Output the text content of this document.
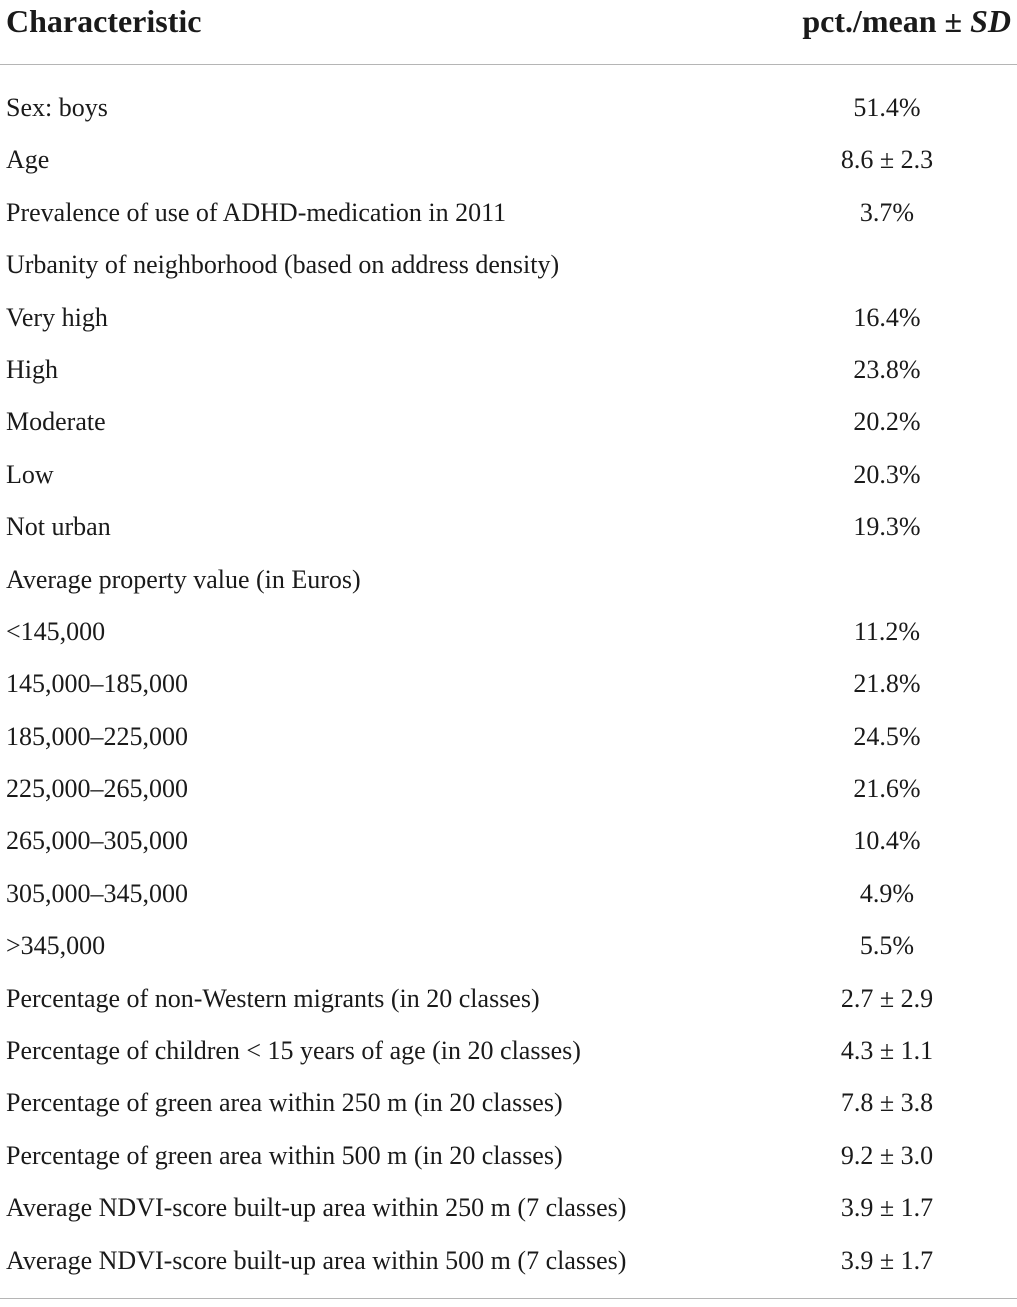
Characteristic	pct./mean ± SD
Sex: boys	51.4%
Age	8.6 ± 2.3
Prevalence of use of ADHD-medication in 2011	3.7%
Urbanity of neighborhood (based on address density)
Very high	16.4%
High	23.8%
Moderate	20.2%
Low	20.3%
Not urban	19.3%
Average property value (in Euros)
<145,000	11.2%
145,000–185,000	21.8%
185,000–225,000	24.5%
225,000–265,000	21.6%
265,000–305,000	10.4%
305,000–345,000	4.9%
>345,000	5.5%
Percentage of non-Western migrants (in 20 classes)	2.7 ± 2.9
Percentage of children < 15 years of age (in 20 classes)	4.3 ± 1.1
Percentage of green area within 250 m (in 20 classes)	7.8 ± 3.8
Percentage of green area within 500 m (in 20 classes)	9.2 ± 3.0
Average NDVI-score built-up area within 250 m (7 classes)	3.9 ± 1.7
Average NDVI-score built-up area within 500 m (7 classes)	3.9 ± 1.7
